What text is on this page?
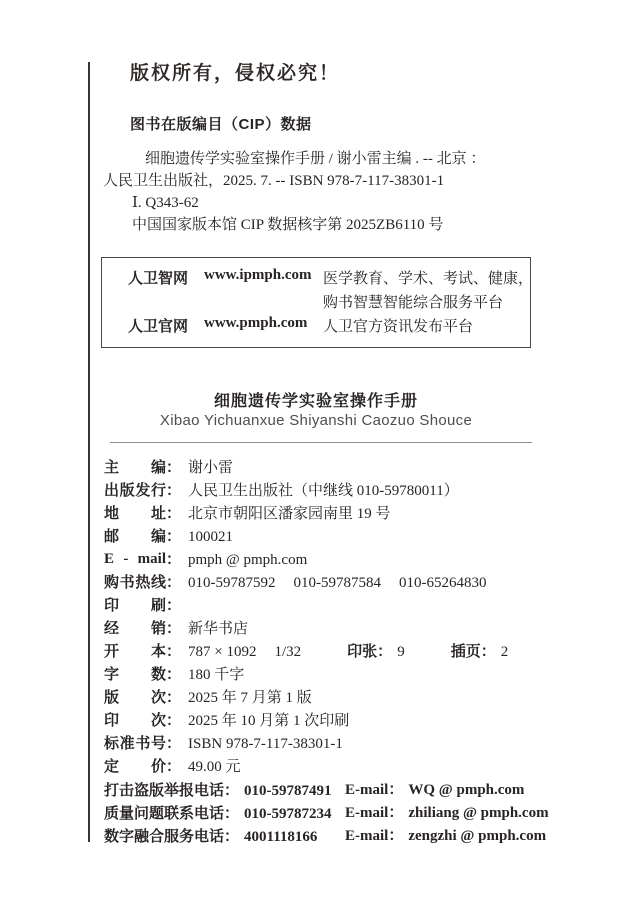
版权所有，侵权必究！
图书在版编目（CIP）数据
细胞遗传学实验室操作手册 / 谢小雷主编 . -- 北京 ：
人民卫生出版社，2025. 7. -- ISBN 978-7-117-38301-1
Ⅰ. Q343-62
中国国家版本馆 CIP 数据核字第 2025ZB6110 号
人卫智网 www.ipmph.com 医学教育、学术、考试、健康，
购书智慧智能综合服务平台
人卫官网 www.pmph.com 人卫官方资讯发布平台
细胞遗传学实验室操作手册
Xibao Yichuanxue Shiyanshi Caozuo Shouce
主编： 谢小雷
出版发行： 人民卫生出版社（中继线 010-59780011）
地址： 北京市朝阳区潘家园南里 19 号
邮编： 100021
E - mail： pmph @ pmph.com
购书热线： 010-59787592 010-59787584 010-65264830
印刷：
经销： 新华书店
开本： 787 × 1092 1/32	印张： 9	插页： 2
字数： 180 千字
版次： 2025 年 7 月第 1 版
印次： 2025 年 10 月第 1 次印刷
标准书号： ISBN 978-7-117-38301-1
定价： 49.00 元
打击盗版举报电话： 010-59787491 E-mail： WQ @ pmph.com
质量问题联系电话： 010-59787234 E-mail： zhiliang @ pmph.com
数字融合服务电话： 4001118166 E-mail： zengzhi @ pmph.com
